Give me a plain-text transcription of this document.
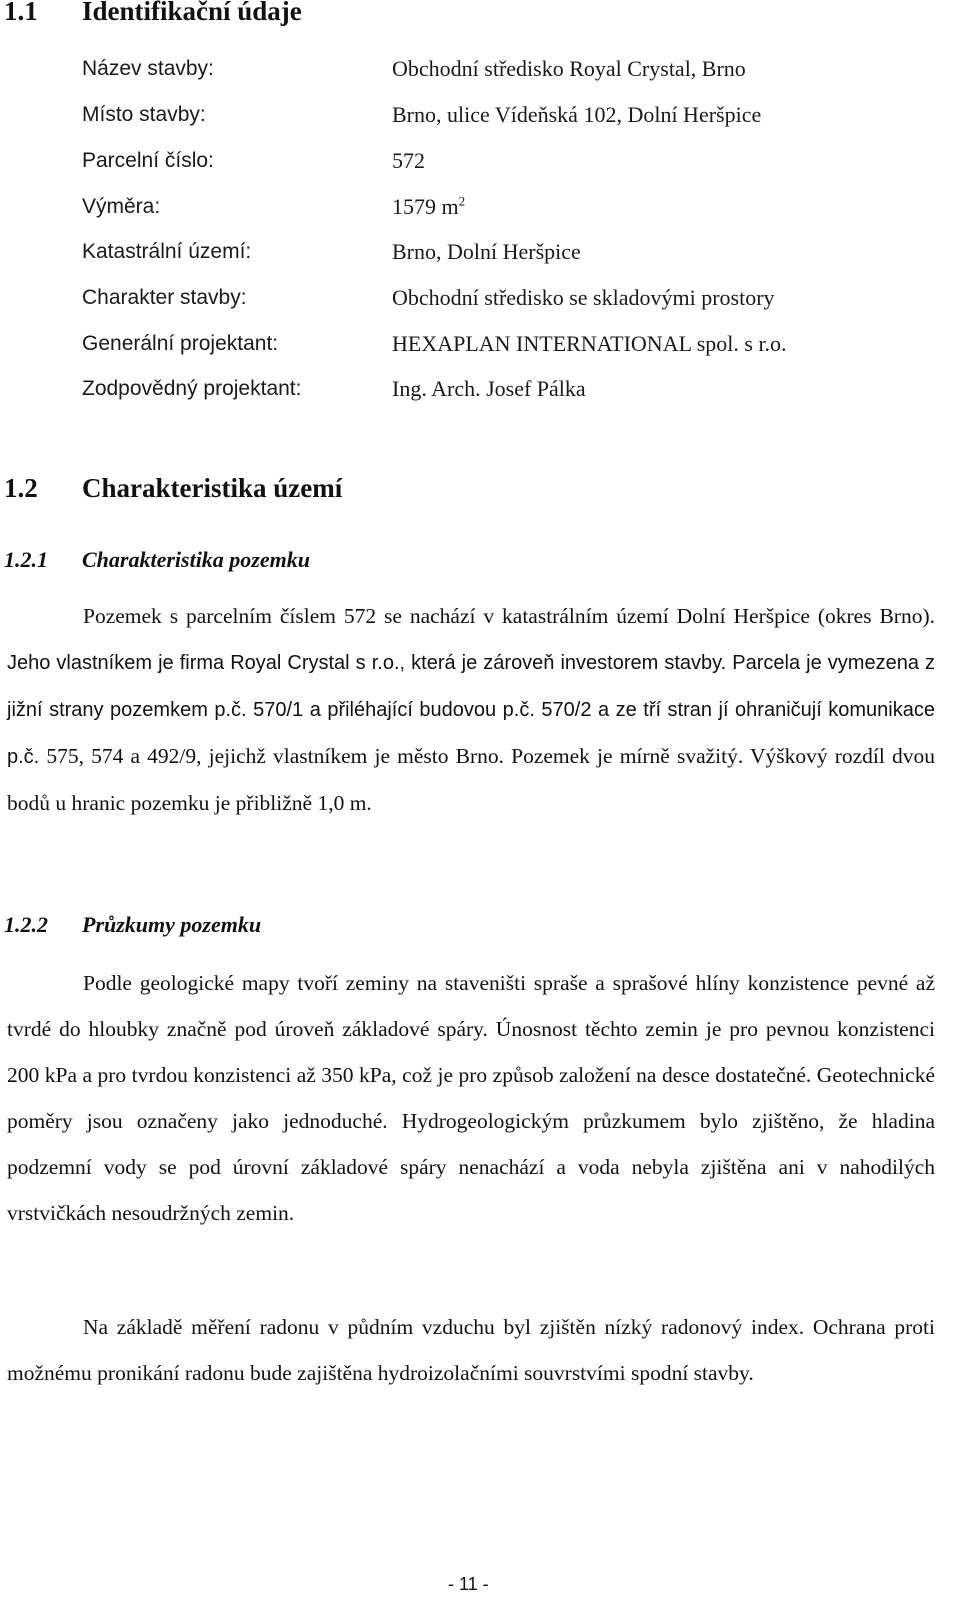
1.1 Identifikační údaje
Název stavby:	Obchodní středisko Royal Crystal, Brno
Místo stavby:	Brno, ulice Vídeňská 102, Dolní Heršpice
Parcelní číslo:	572
Výměra:	1579 $m^2$
Katastrální území:	Brno, Dolní Heršpice
Charakter stavby:	Obchodní středisko se skladovými prostory
Generální projektant:	HEXAPLAN INTERNATIONAL spol. s r.o.
Zodpovědný projektant:	Ing. Arch. Josef Pálka
1.2 Charakteristika území
1.2.1 Charakteristika pozemku
Pozemek s parcelním číslem 572 se nachází v katastrálním území Dolní Heršpice (okres Brno). Jeho vlastníkem je firma Royal Crystal s r.o., která je zároveň investorem stavby. Parcela je vymezena z jižní strany pozemkem p.č. 570/1 a přiléhající budovou p.č. 570/2 a ze tří stran jí ohraničují komunikace p.č. 575, 574 a 492/9, jejichž vlastníkem je město Brno. Pozemek je mírně svažitý. Výškový rozdíl dvou bodů u hranic pozemku je přibližně 1,0 m.
1.2.2 Průzkumy pozemku
Podle geologické mapy tvoří zeminy na staveništi spraše a sprašové hlíny konzistence pevné až tvrdé do hloubky značně pod úroveň základové spáry. Únosnost těchto zemin je pro pevnou konzistenci 200 kPa a pro tvrdou konzistenci až 350 kPa, což je pro způsob založení na desce dostatečné. Geotechnické poměry jsou označeny jako jednoduché. Hydrogeologickým průzkumem bylo zjištěno, že hladina podzemní vody se pod úrovní základové spáry nenachází a voda nebyla zjištěna ani v nahodilých vrstvičkách nesoudržných zemin.
Na základě měření radonu v půdním vzduchu byl zjištěn nízký radonový index. Ochrana proti možnému pronikání radonu bude zajištěna hydroizolačními souvrstvími spodní stavby.
- 11 -
